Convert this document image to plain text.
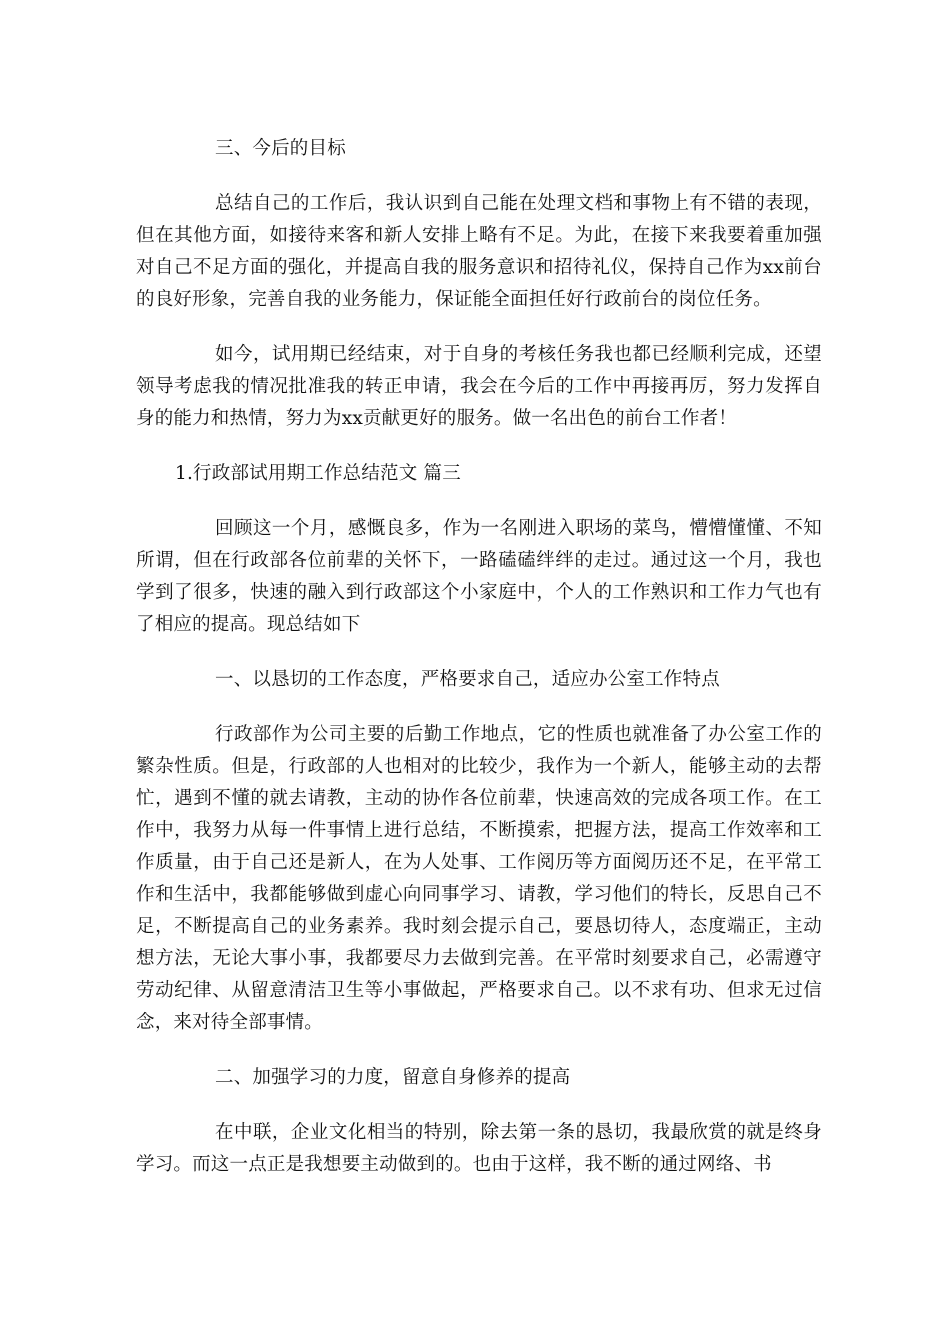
三、今后的目标

总结自己的工作后，我认识到自己能在处理文档和事物上有不错的表现，但在其他方面，如接待来客和新人安排上略有不足。为此，在接下来我要着重加强对自己不足方面的强化，并提高自我的服务意识和招待礼仪，保持自己作为xx前台的良好形象，完善自我的业务能力，保证能全面担任好行政前台的岗位任务。

如今，试用期已经结束，对于自身的考核任务我也都已经顺利完成，还望领导考虑我的情况批准我的转正申请，我会在今后的工作中再接再厉，努力发挥自身的能力和热情，努力为xx贡献更好的服务。做一名出色的前台工作者！

1.行政部试用期工作总结范文 篇三

回顾这一个月，感慨良多，作为一名刚进入职场的菜鸟，懵懵懂懂、不知所谓，但在行政部各位前辈的关怀下，一路磕磕绊绊的走过。通过这一个月，我也学到了很多，快速的融入到行政部这个小家庭中，个人的工作熟识和工作力气也有了相应的提高。现总结如下

一、以恳切的工作态度，严格要求自己，适应办公室工作特点

行政部作为公司主要的后勤工作地点，它的性质也就准备了办公室工作的繁杂性质。但是，行政部的人也相对的比较少，我作为一个新人，能够主动的去帮忙，遇到不懂的就去请教，主动的协作各位前辈，快速高效的完成各项工作。在工作中，我努力从每一件事情上进行总结，不断摸索，把握方法，提高工作效率和工作质量，由于自己还是新人，在为人处事、工作阅历等方面阅历还不足，在平常工作和生活中，我都能够做到虚心向同事学习、请教，学习他们的特长，反思自己不足，不断提高自己的业务素养。我时刻会提示自己，要恳切待人，态度端正，主动想方法，无论大事小事，我都要尽力去做到完善。在平常时刻要求自己，必需遵守劳动纪律、从留意清洁卫生等小事做起，严格要求自己。以不求有功、但求无过信念，来对待全部事情。

二、加强学习的力度，留意自身修养的提高

在中联，企业文化相当的特别，除去第一条的恳切，我最欣赏的就是终身学习。而这一点正是我想要主动做到的。也由于这样，我不断的通过网络、书
